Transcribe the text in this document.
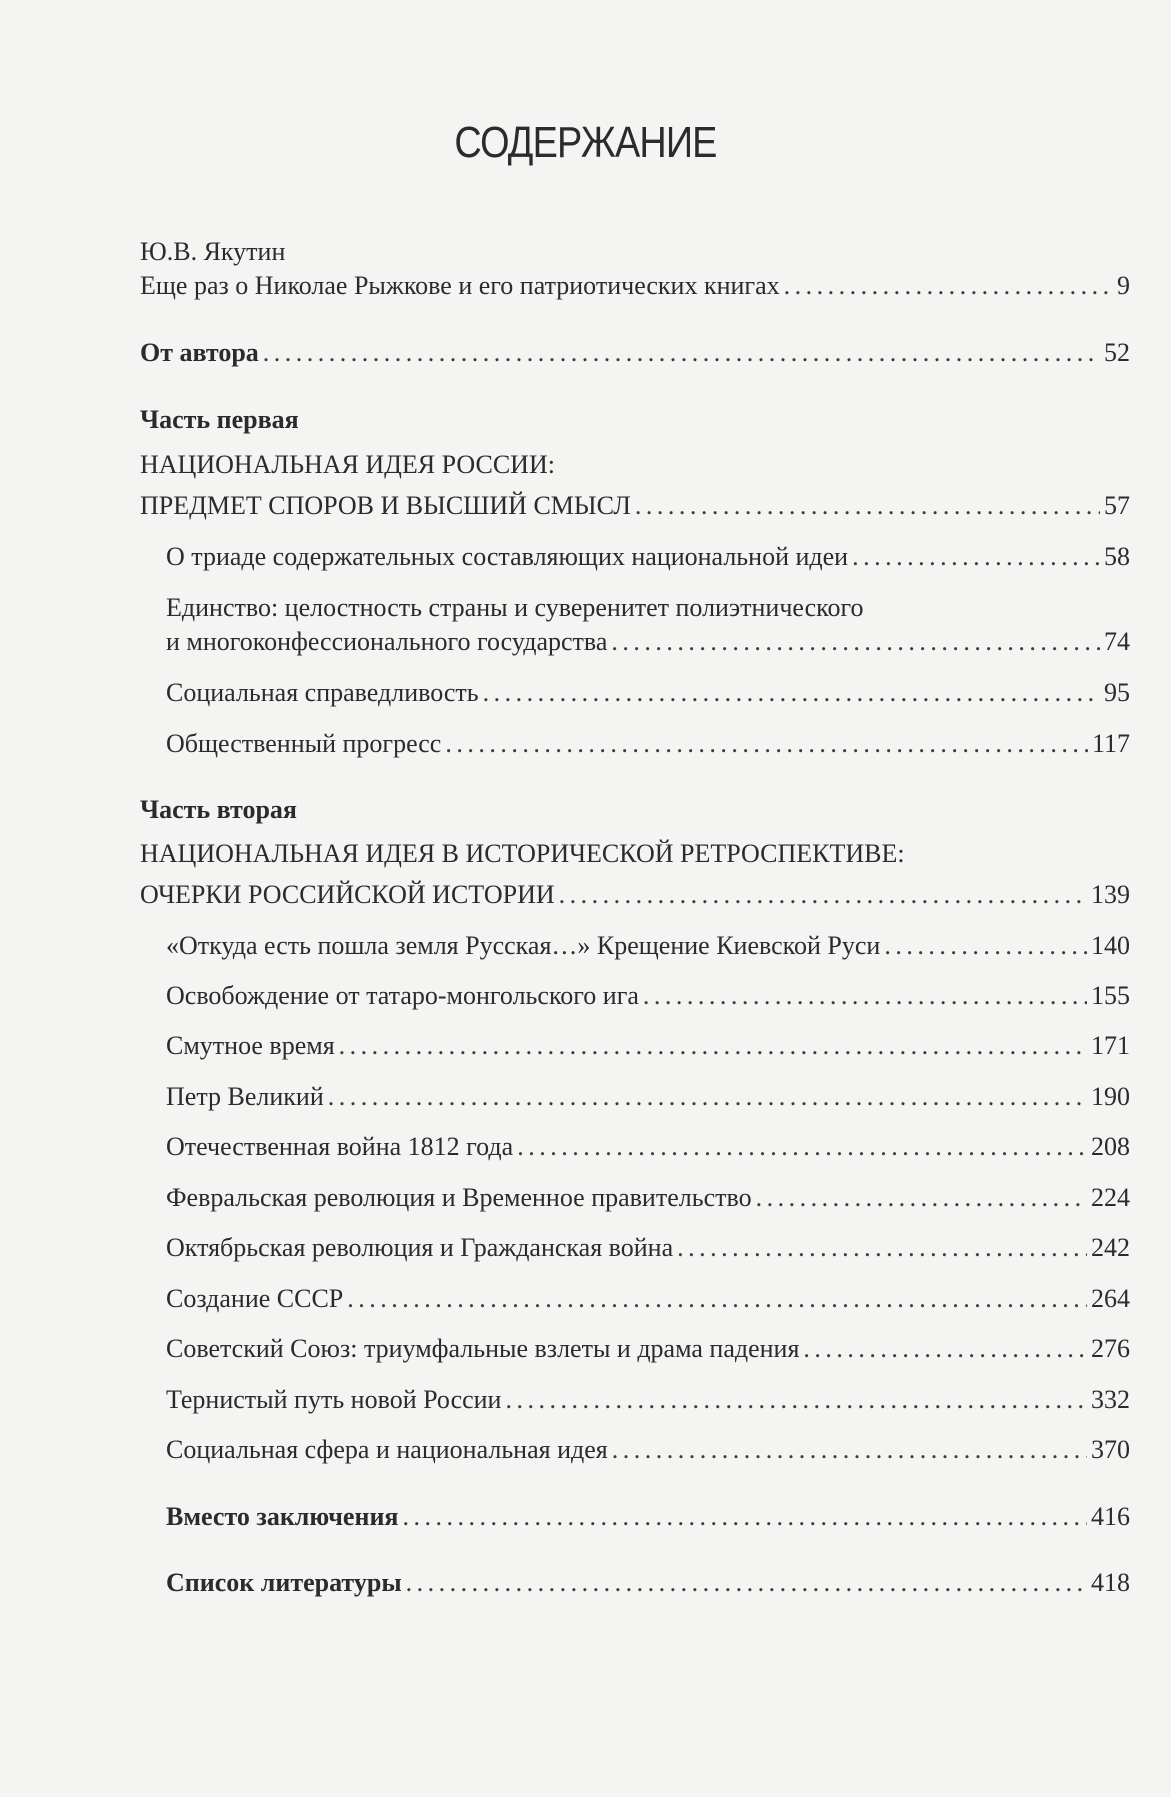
СОДЕРЖАНИЕ
Ю.В. Якутин
Еще раз о Николае Рыжкове и его патриотических книгах .....	9
От автора .....	52
Часть первая
НАЦИОНАЛЬНАЯ ИДЕЯ РОССИИ:
ПРЕДМЕТ СПОРОВ И ВЫСШИЙ СМЫСЛ .....	57
О триаде содержательных составляющих национальной идеи .....	58
Единство: целостность страны и суверенитет полиэтнического
и многоконфессионального государства .....	74
Социальная справедливость .....	95
Общественный прогресс .....	117
Часть вторая
НАЦИОНАЛЬНАЯ ИДЕЯ В ИСТОРИЧЕСКОЙ РЕТРОСПЕКТИВЕ:
ОЧЕРКИ РОССИЙСКОЙ ИСТОРИИ .....	139
«Откуда есть пошла земля Русская…» Крещение Киевской Руси .....	140
Освобождение от татаро-монгольского ига .....	155
Смутное время .....	171
Петр Великий .....	190
Отечественная война 1812 года .....	208
Февральская революция и Временное правительство .....	224
Октябрьская революция и Гражданская война .....	242
Создание СССР .....	264
Советский Союз: триумфальные взлеты и драма падения .....	276
Тернистый путь новой России .....	332
Социальная сфера и национальная идея .....	370
Вместо заключения .....	416
Список литературы .....	418
